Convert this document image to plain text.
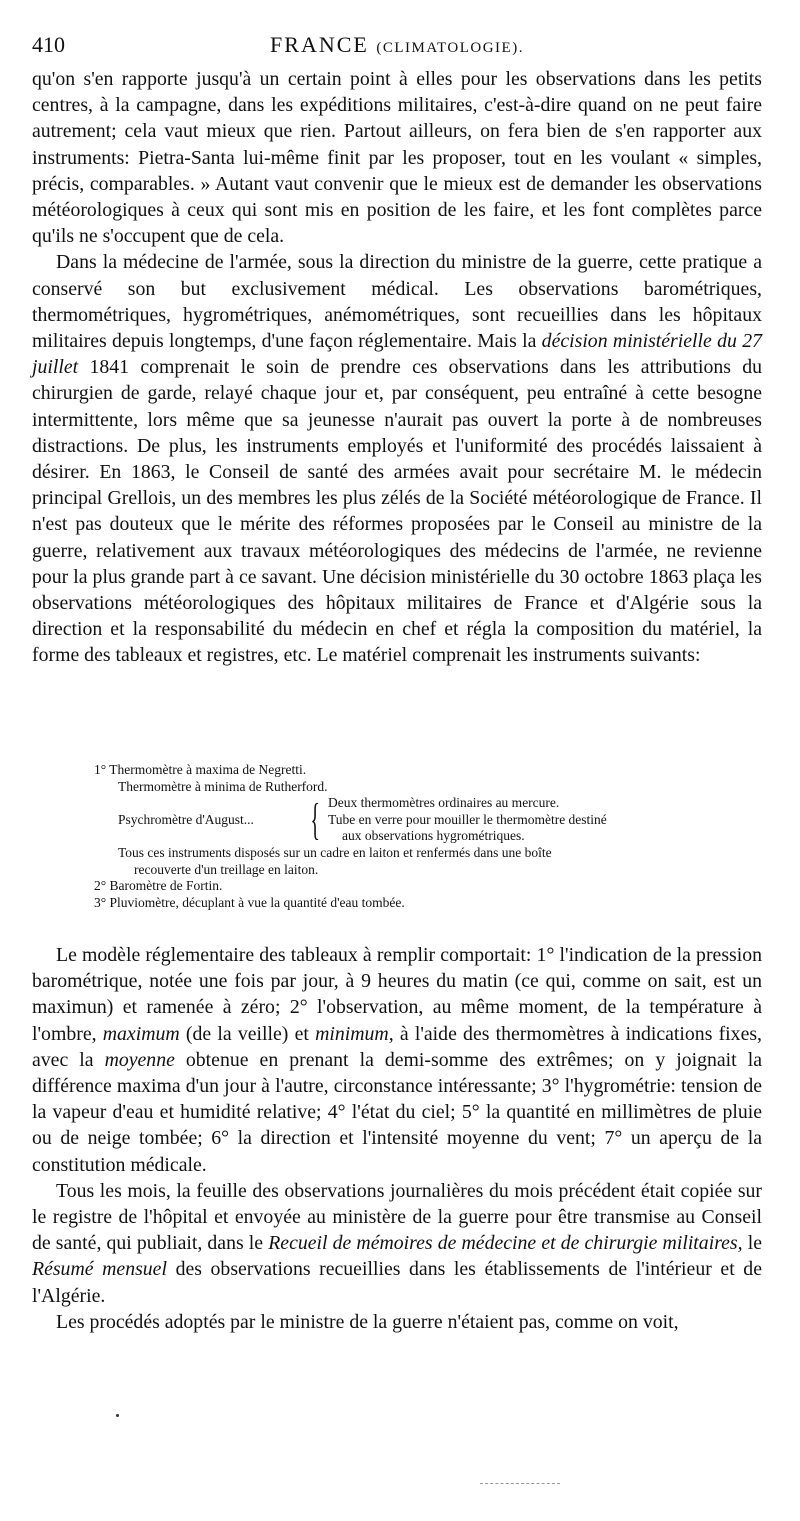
410	FRANCE (CLIMATOLOGIE).

qu'on s'en rapporte jusqu'à un certain point à elles pour les observations dans les petits centres, à la campagne, dans les expéditions militaires, c'est-à-dire quand on ne peut faire autrement; cela vaut mieux que rien. Partout ailleurs, on fera bien de s'en rapporter aux instruments: Pietra-Santa lui-même finit par les proposer, tout en les voulant « simples, précis, comparables. » Autant vaut convenir que le mieux est de demander les observations météorologiques à ceux qui sont mis en position de les faire, et les font complètes parce qu'ils ne s'occupent que de cela.

Dans la médecine de l'armée, sous la direction du ministre de la guerre, cette pratique a conservé son but exclusivement médical. Les observations barométriques, thermométriques, hygrométriques, anémométriques, sont recueillies dans les hôpitaux militaires depuis longtemps, d'une façon réglementaire. Mais la décision ministérielle du 27 juillet 1841 comprenait le soin de prendre ces observations dans les attributions du chirurgien de garde, relayé chaque jour et, par conséquent, peu entraîné à cette besogne intermittente, lors même que sa jeunesse n'aurait pas ouvert la porte à de nombreuses distractions. De plus, les instruments employés et l'uniformité des procédés laissaient à désirer. En 1863, le Conseil de santé des armées avait pour secrétaire M. le médecin principal Grellois, un des membres les plus zélés de la Société météorologique de France. Il n'est pas douteux que le mérite des réformes proposées par le Conseil au ministre de la guerre, relativement aux travaux météorologiques des médecins de l'armée, ne revienne pour la plus grande part à ce savant. Une décision ministérielle du 30 octobre 1863 plaça les observations météorologiques des hôpitaux militaires de France et d'Algérie sous la direction et la responsabilité du médecin en chef et régla la composition du matériel, la forme des tableaux et registres, etc. Le matériel comprenait les instruments suivants:

1° Thermomètre à maxima de Negretti.
Thermomètre à minima de Rutherford.
Psychromètre d'August...	{ Deux thermomètres ordinaires au mercure.
Tube en verre pour mouiller le thermomètre destiné
aux observations hygrométriques.
Tous ces instruments disposés sur un cadre en laiton et renfermés dans une boîte
recouverte d'un treillage en laiton.
2° Baromètre de Fortin.
3° Pluviomètre, décuplant à vue la quantité d'eau tombée.

Le modèle réglementaire des tableaux à remplir comportait: 1° l'indication de la pression barométrique, notée une fois par jour, à 9 heures du matin (ce qui, comme on sait, est un maximun) et ramenée à zéro; 2° l'observation, au même moment, de la température à l'ombre, maximum (de la veille) et minimum, à l'aide des thermomètres à indications fixes, avec la moyenne obtenue en prenant la demi-somme des extrêmes; on y joignait la différence maxima d'un jour à l'autre, circonstance intéressante; 3° l'hygrométrie: tension de la vapeur d'eau et humidité relative; 4° l'état du ciel; 5° la quantité en millimètres de pluie ou de neige tombée; 6° la direction et l'intensité moyenne du vent; 7° un aperçu de la constitution médicale.

Tous les mois, la feuille des observations journalières du mois précédent était copiée sur le registre de l'hôpital et envoyée au ministère de la guerre pour être transmise au Conseil de santé, qui publiait, dans le Recueil de mémoires de médecine et de chirurgie militaires, le Résumé mensuel des observations recueillies dans les établissements de l'intérieur et de l'Algérie.

Les procédés adoptés par le ministre de la guerre n'étaient pas, comme on voit,
